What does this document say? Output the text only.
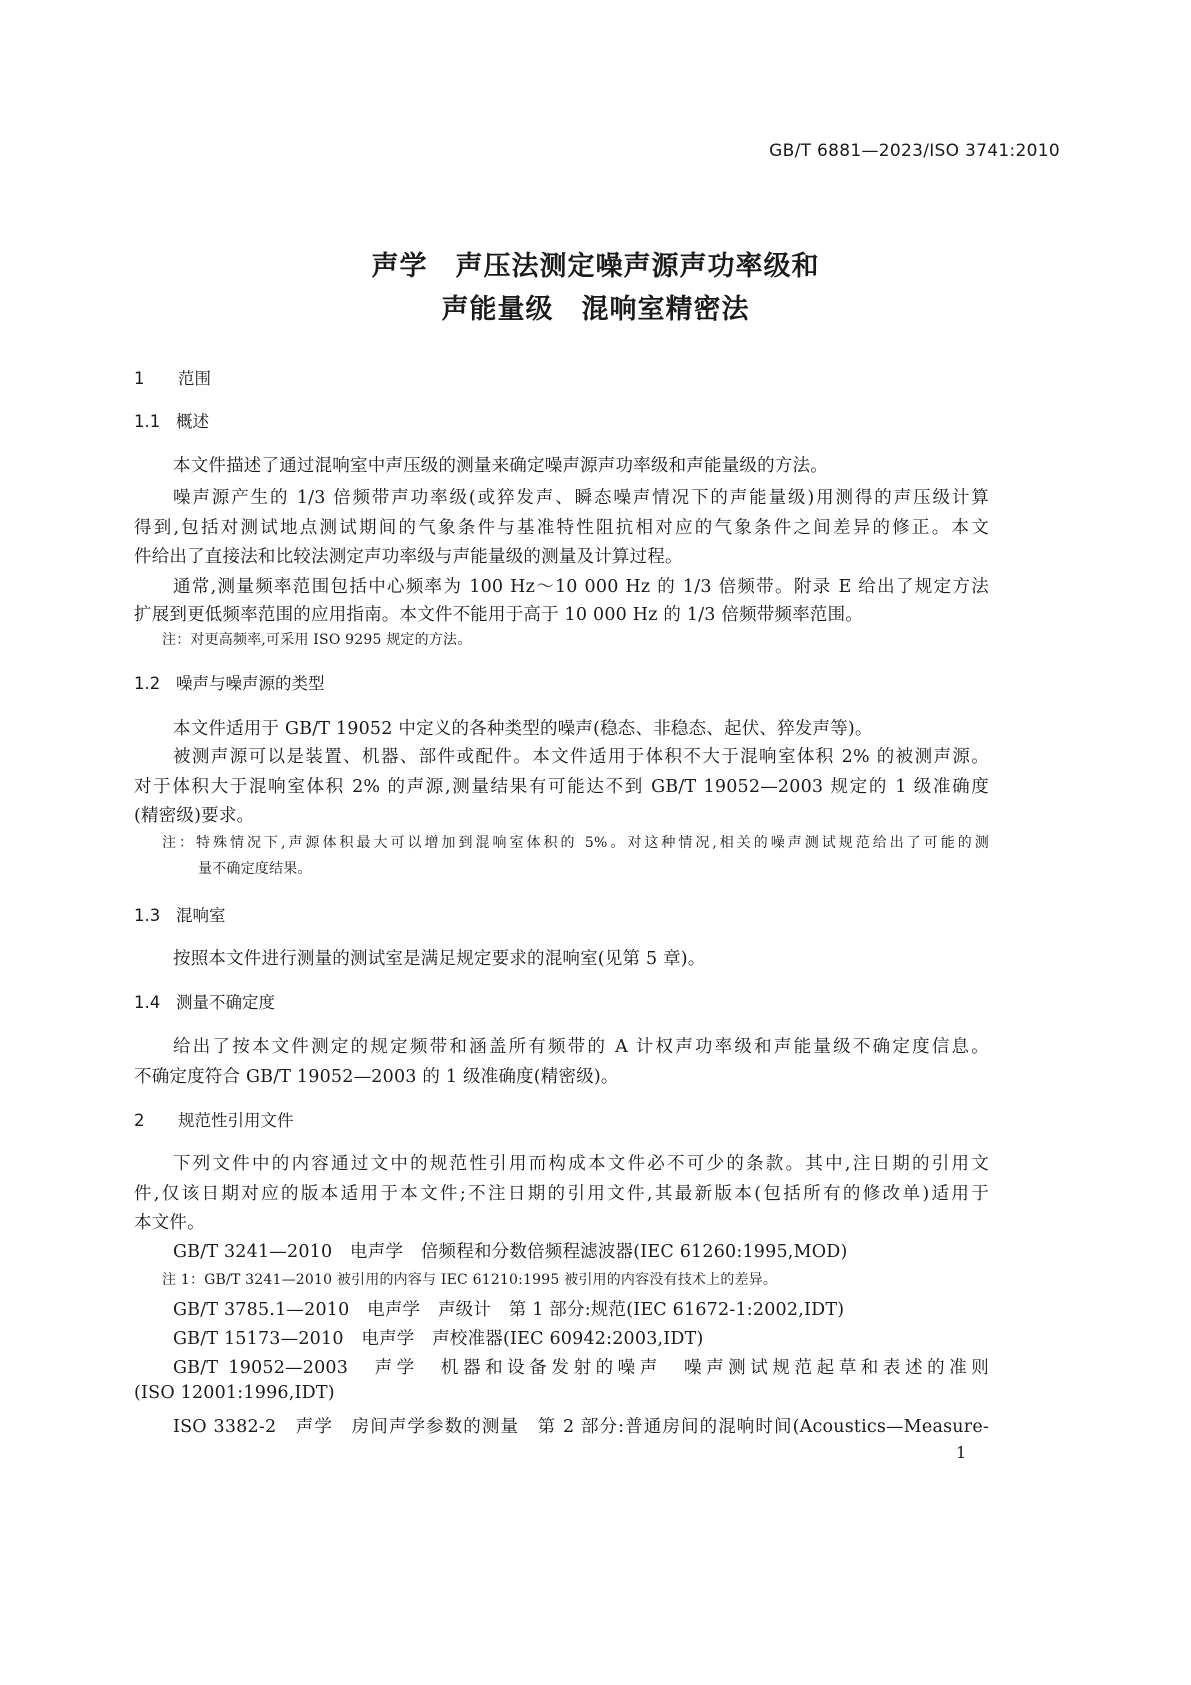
GB/T 6881—2023/ISO 3741:2010
声学　声压法测定噪声源声功率级和
声能量级　混响室精密法
1 范围
1.1 概述
本文件描述了通过混响室中声压级的测量来确定噪声源声功率级和声能量级的方法。
噪声源产生的 1/3 倍频带声功率级(或猝发声、瞬态噪声情况下的声能量级)用测得的声压级计算
得到,包括对测试地点测试期间的气象条件与基准特性阻抗相对应的气象条件之间差异的修正。本文
件给出了直接法和比较法测定声功率级与声能量级的测量及计算过程。
通常,测量频率范围包括中心频率为 100 Hz～10 000 Hz 的 1/3 倍频带。附录 E 给出了规定方法
扩展到更低频率范围的应用指南。本文件不能用于高于 10 000 Hz 的 1/3 倍频带频率范围。
注：对更高频率,可采用 ISO 9295 规定的方法。
1.2 噪声与噪声源的类型
本文件适用于 GB/T 19052 中定义的各种类型的噪声(稳态、非稳态、起伏、猝发声等)。
被测声源可以是装置、机器、部件或配件。本文件适用于体积不大于混响室体积 2% 的被测声源。
对于体积大于混响室体积 2% 的声源,测量结果有可能达不到 GB/T 19052—2003 规定的 1 级准确度
(精密级)要求。
注：特殊情况下,声源体积最大可以增加到混响室体积的 5%。对这种情况,相关的噪声测试规范给出了可能的测
量不确定度结果。
1.3 混响室
按照本文件进行测量的测试室是满足规定要求的混响室(见第 5 章)。
1.4 测量不确定度
给出了按本文件测定的规定频带和涵盖所有频带的 A 计权声功率级和声能量级不确定度信息。
不确定度符合 GB/T 19052—2003 的 1 级准确度(精密级)。
2 规范性引用文件
下列文件中的内容通过文中的规范性引用而构成本文件必不可少的条款。其中,注日期的引用文
件,仅该日期对应的版本适用于本文件;不注日期的引用文件,其最新版本(包括所有的修改单)适用于
本文件。
GB/T 3241—2010　电声学　倍频程和分数倍频程滤波器(IEC 61260:1995,MOD)
注 1：GB/T 3241—2010 被引用的内容与 IEC 61210:1995 被引用的内容没有技术上的差异。
GB/T 3785.1—2010　电声学　声级计　第 1 部分:规范(IEC 61672-1:2002,IDT)
GB/T 15173—2010　电声学　声校准器(IEC 60942:2003,IDT)
GB/T 19052—2003　声学　机器和设备发射的噪声　噪声测试规范起草和表述的准则
(ISO 12001:1996,IDT)
ISO 3382-2　声学　房间声学参数的测量　第 2 部分:普通房间的混响时间(Acoustics—Measure-
1
